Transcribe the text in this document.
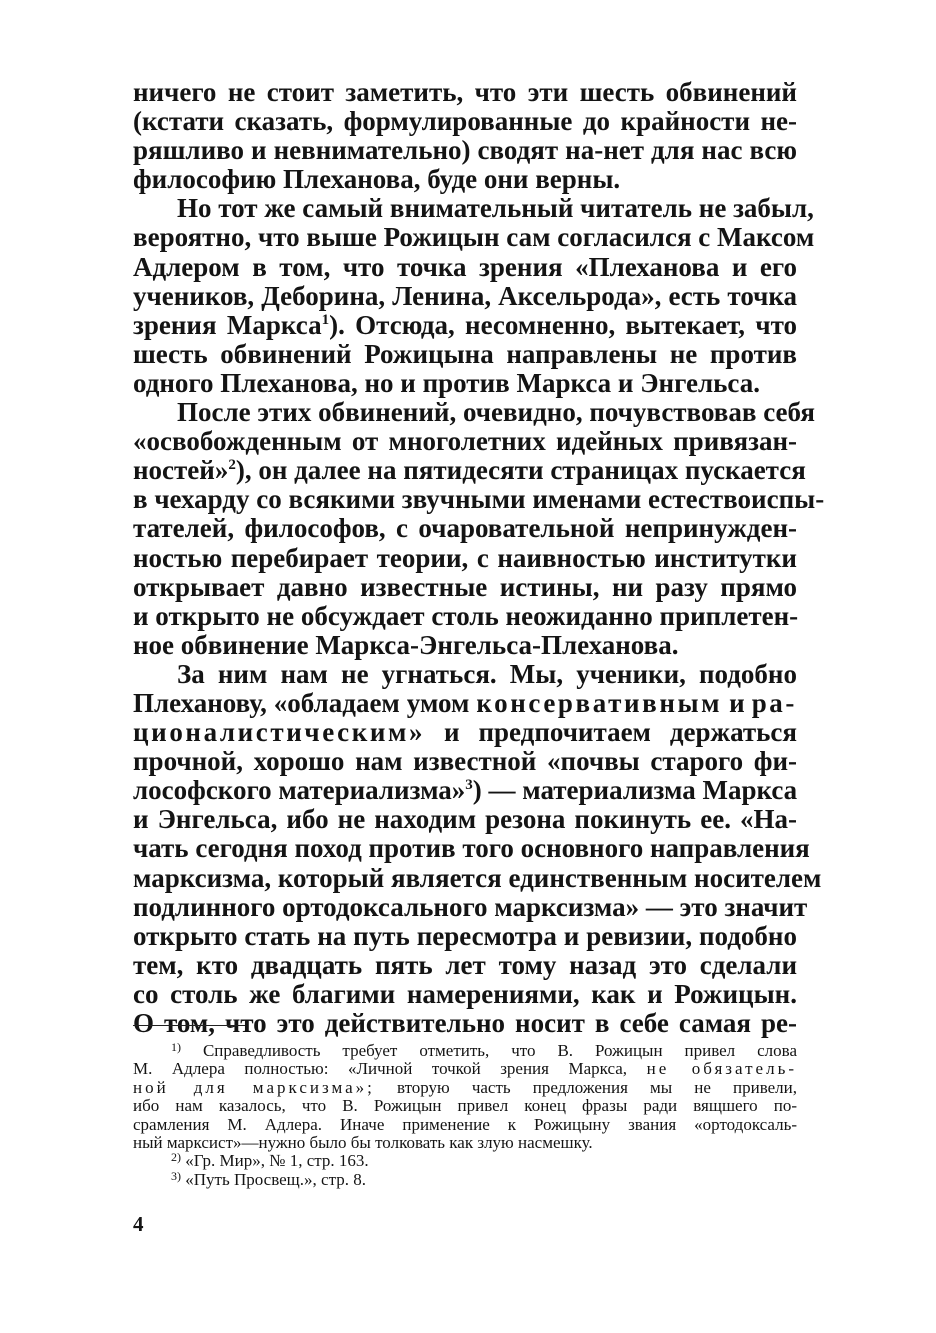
ничего не стоит заметить, что эти шесть обвинений
(кстати сказать, формулированные до крайности не-
ряшливо и невнимательно) сводят на-нет для нас всю
философию Плеханова, буде они верны.
Но тот же самый внимательный читатель не забыл,
вероятно, что выше Рожицын сам согласился с Максом
Адлером в том, что точка зрения «Плеханова и его
учеников, Деборина, Ленина, Аксельрода», есть точка
зрения Маркса$^1$). Отсюда, несомненно, вытекает, что
шесть обвинений Рожицына направлены не против
одного Плеханова, но и против Маркса и Энгельса.
После этих обвинений, очевидно, почувствовав себя
«освобожденным от многолетних идейных привязан-
ностей»$^2$), он далее на пятидесяти страницах пускается
в чехарду со всякими звучными именами естествоиспы-
тателей, философов, с очаровательной непринужден-
ностью перебирает теории, с наивностью институтки
открывает давно известные истины, ни разу прямо
и открыто не обсуждает столь неожиданно приплетен-
ное обвинение Маркса-Энгельса-Плеханова.
За ним нам не угнаться. Мы, ученики, подобно
Плеханову, «обладаем умом консервативным и ра-
ционалистическим» и предпочитаем держаться
прочной, хорошо нам известной «почвы старого фи-
лософского материализма»$^3$) — материализма Маркса
и Энгельса, ибо не находим резона покинуть ее. «На-
чать сегодня поход против того основного направления
марксизма, который является единственным носителем
подлинного ортодоксального марксизма» — это значит
открыто стать на путь пересмотра и ревизии, подобно
тем, кто двадцать пять лет тому назад это сделали
со столь же благими намерениями, как и Рожицын.
О том, что это действительно носит в себе самая ре-
$^{1)}$ Справедливость требует отметить, что В. Рожицын привел слова
М. Адлера полностью: «Личной точкой зрения Маркса, не обязатель-
ной для марксизма»; вторую часть предложения мы не привели,
ибо нам казалось, что В. Рожицын привел конец фразы ради вящшего по-
срамления М. Адлера. Иначе применение к Рожицыну звания «ортодоксаль-
ный марксист»—нужно было бы толковать как злую насмешку.
$^{2)}$ «Гр. Мир», № 1, стр. 163.
$^{3)}$ «Путь Просвещ.», стр. 8.
4
